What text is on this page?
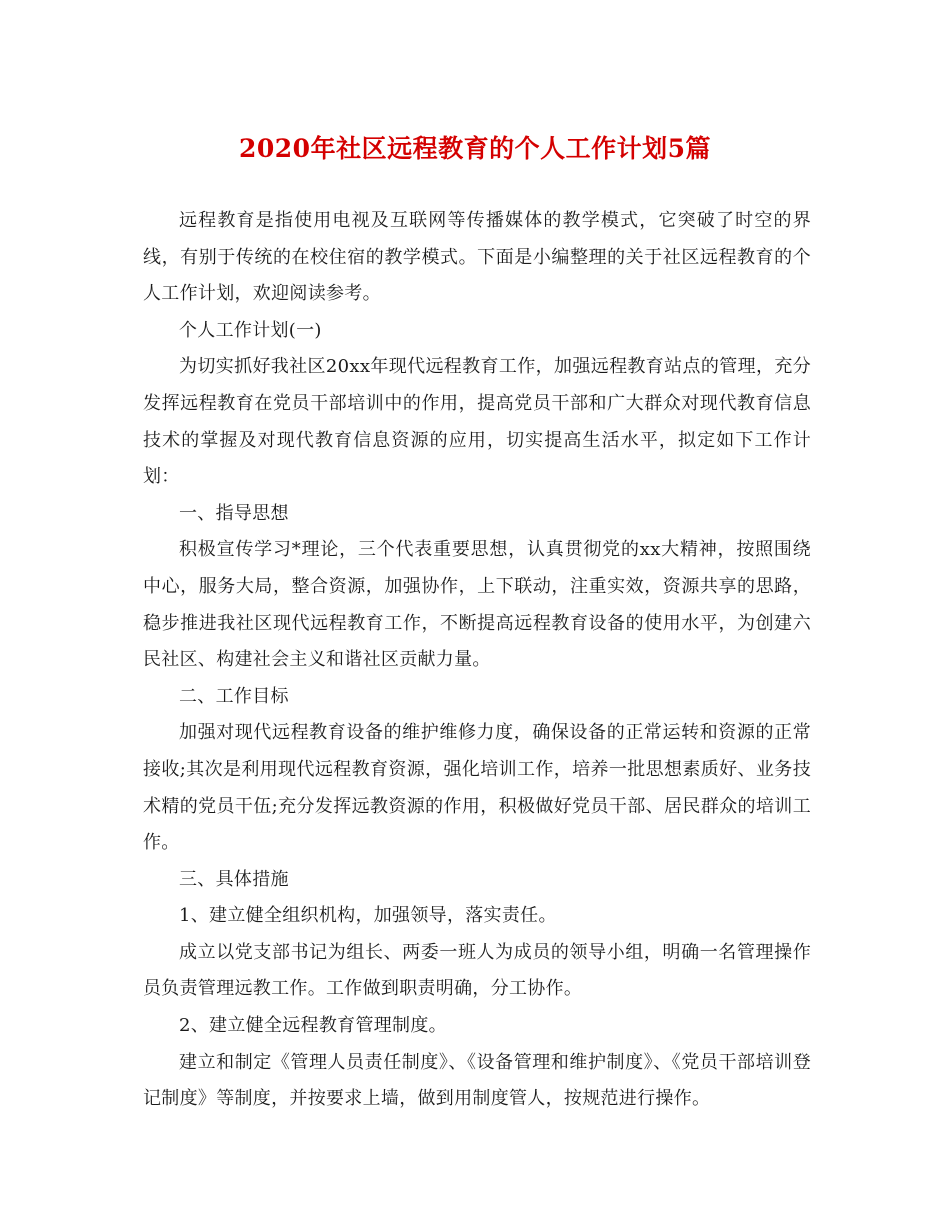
2020年社区远程教育的个人工作计划5篇

远程教育是指使用电视及互联网等传播媒体的教学模式，它突破了时空的界线，有别于传统的在校住宿的教学模式。下面是小编整理的关于社区远程教育的个人工作计划，欢迎阅读参考。

个人工作计划(一)

为切实抓好我社区20xx年现代远程教育工作，加强远程教育站点的管理，充分发挥远程教育在党员干部培训中的作用，提高党员干部和广大群众对现代教育信息技术的掌握及对现代教育信息资源的应用，切实提高生活水平，拟定如下工作计划：

一、指导思想

积极宣传学习*理论，三个代表重要思想，认真贯彻党的xx大精神，按照围绕中心，服务大局，整合资源，加强协作，上下联动，注重实效，资源共享的思路，稳步推进我社区现代远程教育工作，不断提高远程教育设备的使用水平，为创建六民社区、构建社会主义和谐社区贡献力量。

二、工作目标

加强对现代远程教育设备的维护维修力度，确保设备的正常运转和资源的正常接收;其次是利用现代远程教育资源，强化培训工作，培养一批思想素质好、业务技术精的党员干伍;充分发挥远教资源的作用，积极做好党员干部、居民群众的培训工作。

三、具体措施

1、建立健全组织机构，加强领导，落实责任。

成立以党支部书记为组长、两委一班人为成员的领导小组，明确一名管理操作员负责管理远教工作。工作做到职责明确，分工协作。

2、建立健全远程教育管理制度。

建立和制定《管理人员责任制度》、《设备管理和维护制度》、《党员干部培训登记制度》等制度，并按要求上墙，做到用制度管人，按规范进行操作。
